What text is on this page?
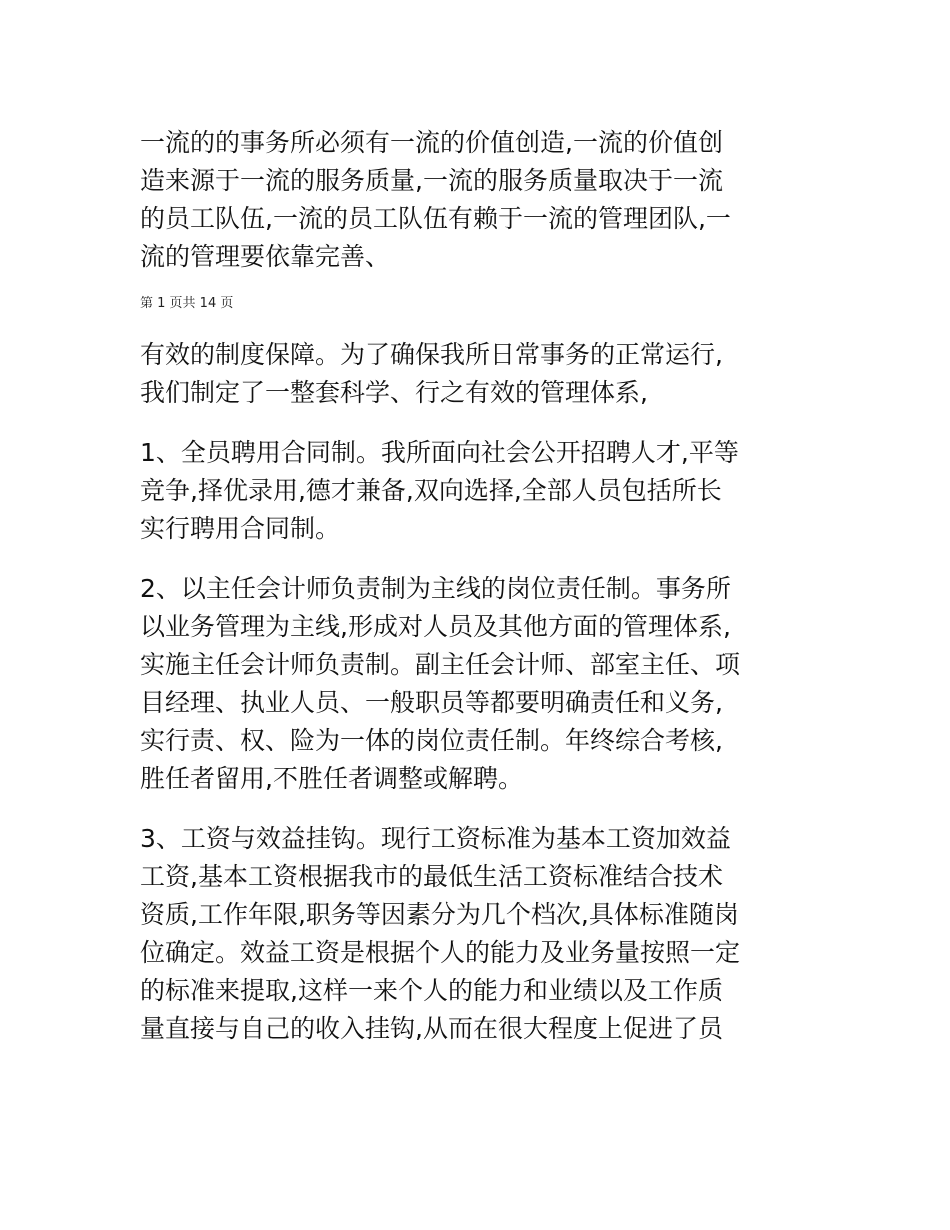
一流的的事务所必须有一流的价值创造,一流的价值创
造来源于一流的服务质量,一流的服务质量取决于一流
的员工队伍,一流的员工队伍有赖于一流的管理团队,一
流的管理要依靠完善、

第 1 页共 14 页

有效的制度保障。为了确保我所日常事务的正常运行,
我们制定了一整套科学、行之有效的管理体系,

1、全员聘用合同制。我所面向社会公开招聘人才,平等
竞争,择优录用,德才兼备,双向选择,全部人员包括所长
实行聘用合同制。

2、以主任会计师负责制为主线的岗位责任制。事务所
以业务管理为主线,形成对人员及其他方面的管理体系,
实施主任会计师负责制。副主任会计师、部室主任、项
目经理、执业人员、一般职员等都要明确责任和义务,
实行责、权、险为一体的岗位责任制。年终综合考核,
胜任者留用,不胜任者调整或解聘。

3、工资与效益挂钩。现行工资标准为基本工资加效益
工资,基本工资根据我市的最低生活工资标准结合技术
资质,工作年限,职务等因素分为几个档次,具体标准随岗
位确定。效益工资是根据个人的能力及业务量按照一定
的标准来提取,这样一来个人的能力和业绩以及工作质
量直接与自己的收入挂钩,从而在很大程度上促进了员
